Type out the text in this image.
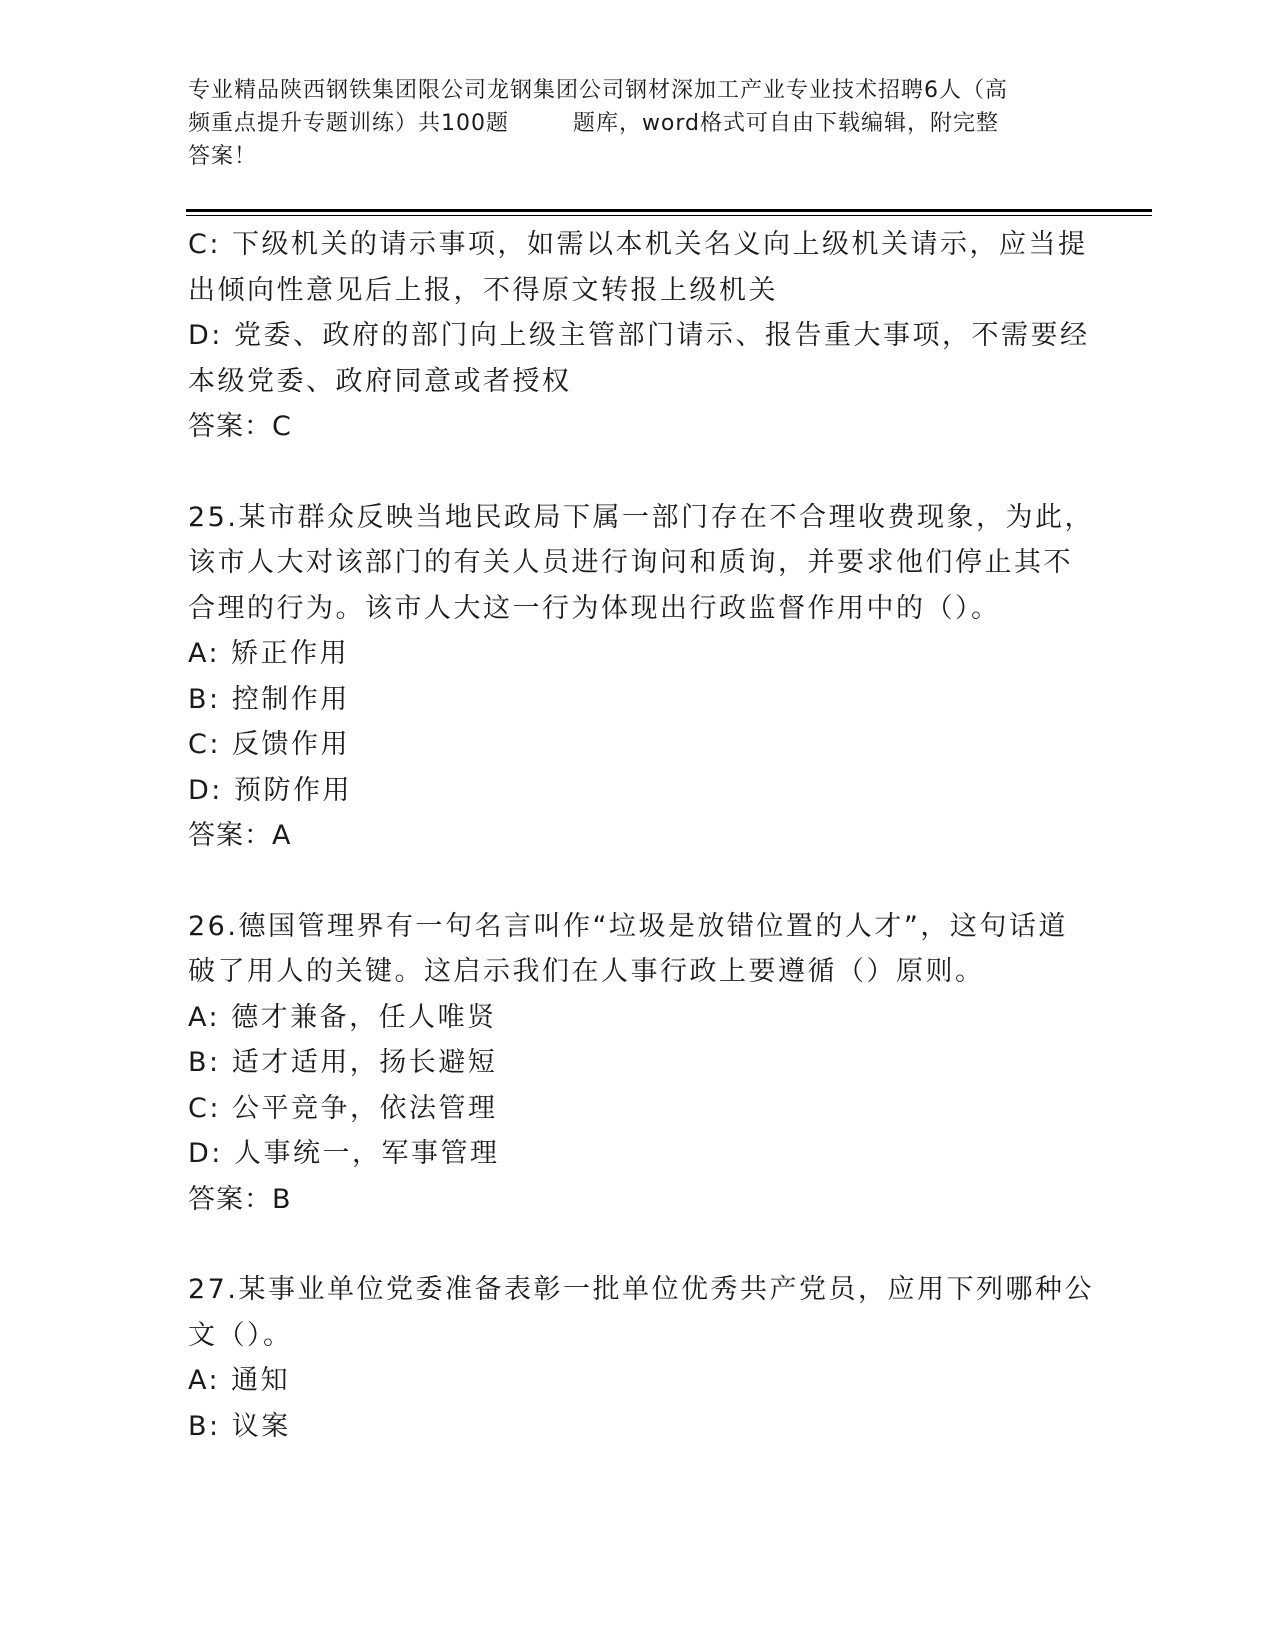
专业精品陕西钢铁集团限公司龙钢集团公司钢材深加工产业专业技术招聘6人（高
频重点提升专题训练）共100题        题库，word格式可自由下载编辑，附完整
答案！
C: 下级机关的请示事项，如需以本机关名义向上级机关请示，应当提
出倾向性意见后上报，不得原文转报上级机关
D: 党委、政府的部门向上级主管部门请示、报告重大事项，不需要经
本级党委、政府同意或者授权
答案：C
25.某市群众反映当地民政局下属一部门存在不合理收费现象，为此，
该市人大对该部门的有关人员进行询问和质询，并要求他们停止其不
合理的行为。该市人大这一行为体现出行政监督作用中的（）。
A: 矫正作用
B: 控制作用
C: 反馈作用
D: 预防作用
答案：A
26.德国管理界有一句名言叫作“垃圾是放错位置的人才”，这句话道
破了用人的关键。这启示我们在人事行政上要遵循（）原则。
A: 德才兼备，任人唯贤
B: 适才适用，扬长避短
C: 公平竞争，依法管理
D: 人事统一，军事管理
答案：B
27.某事业单位党委准备表彰一批单位优秀共产党员，应用下列哪种公
文（）。
A: 通知
B: 议案
